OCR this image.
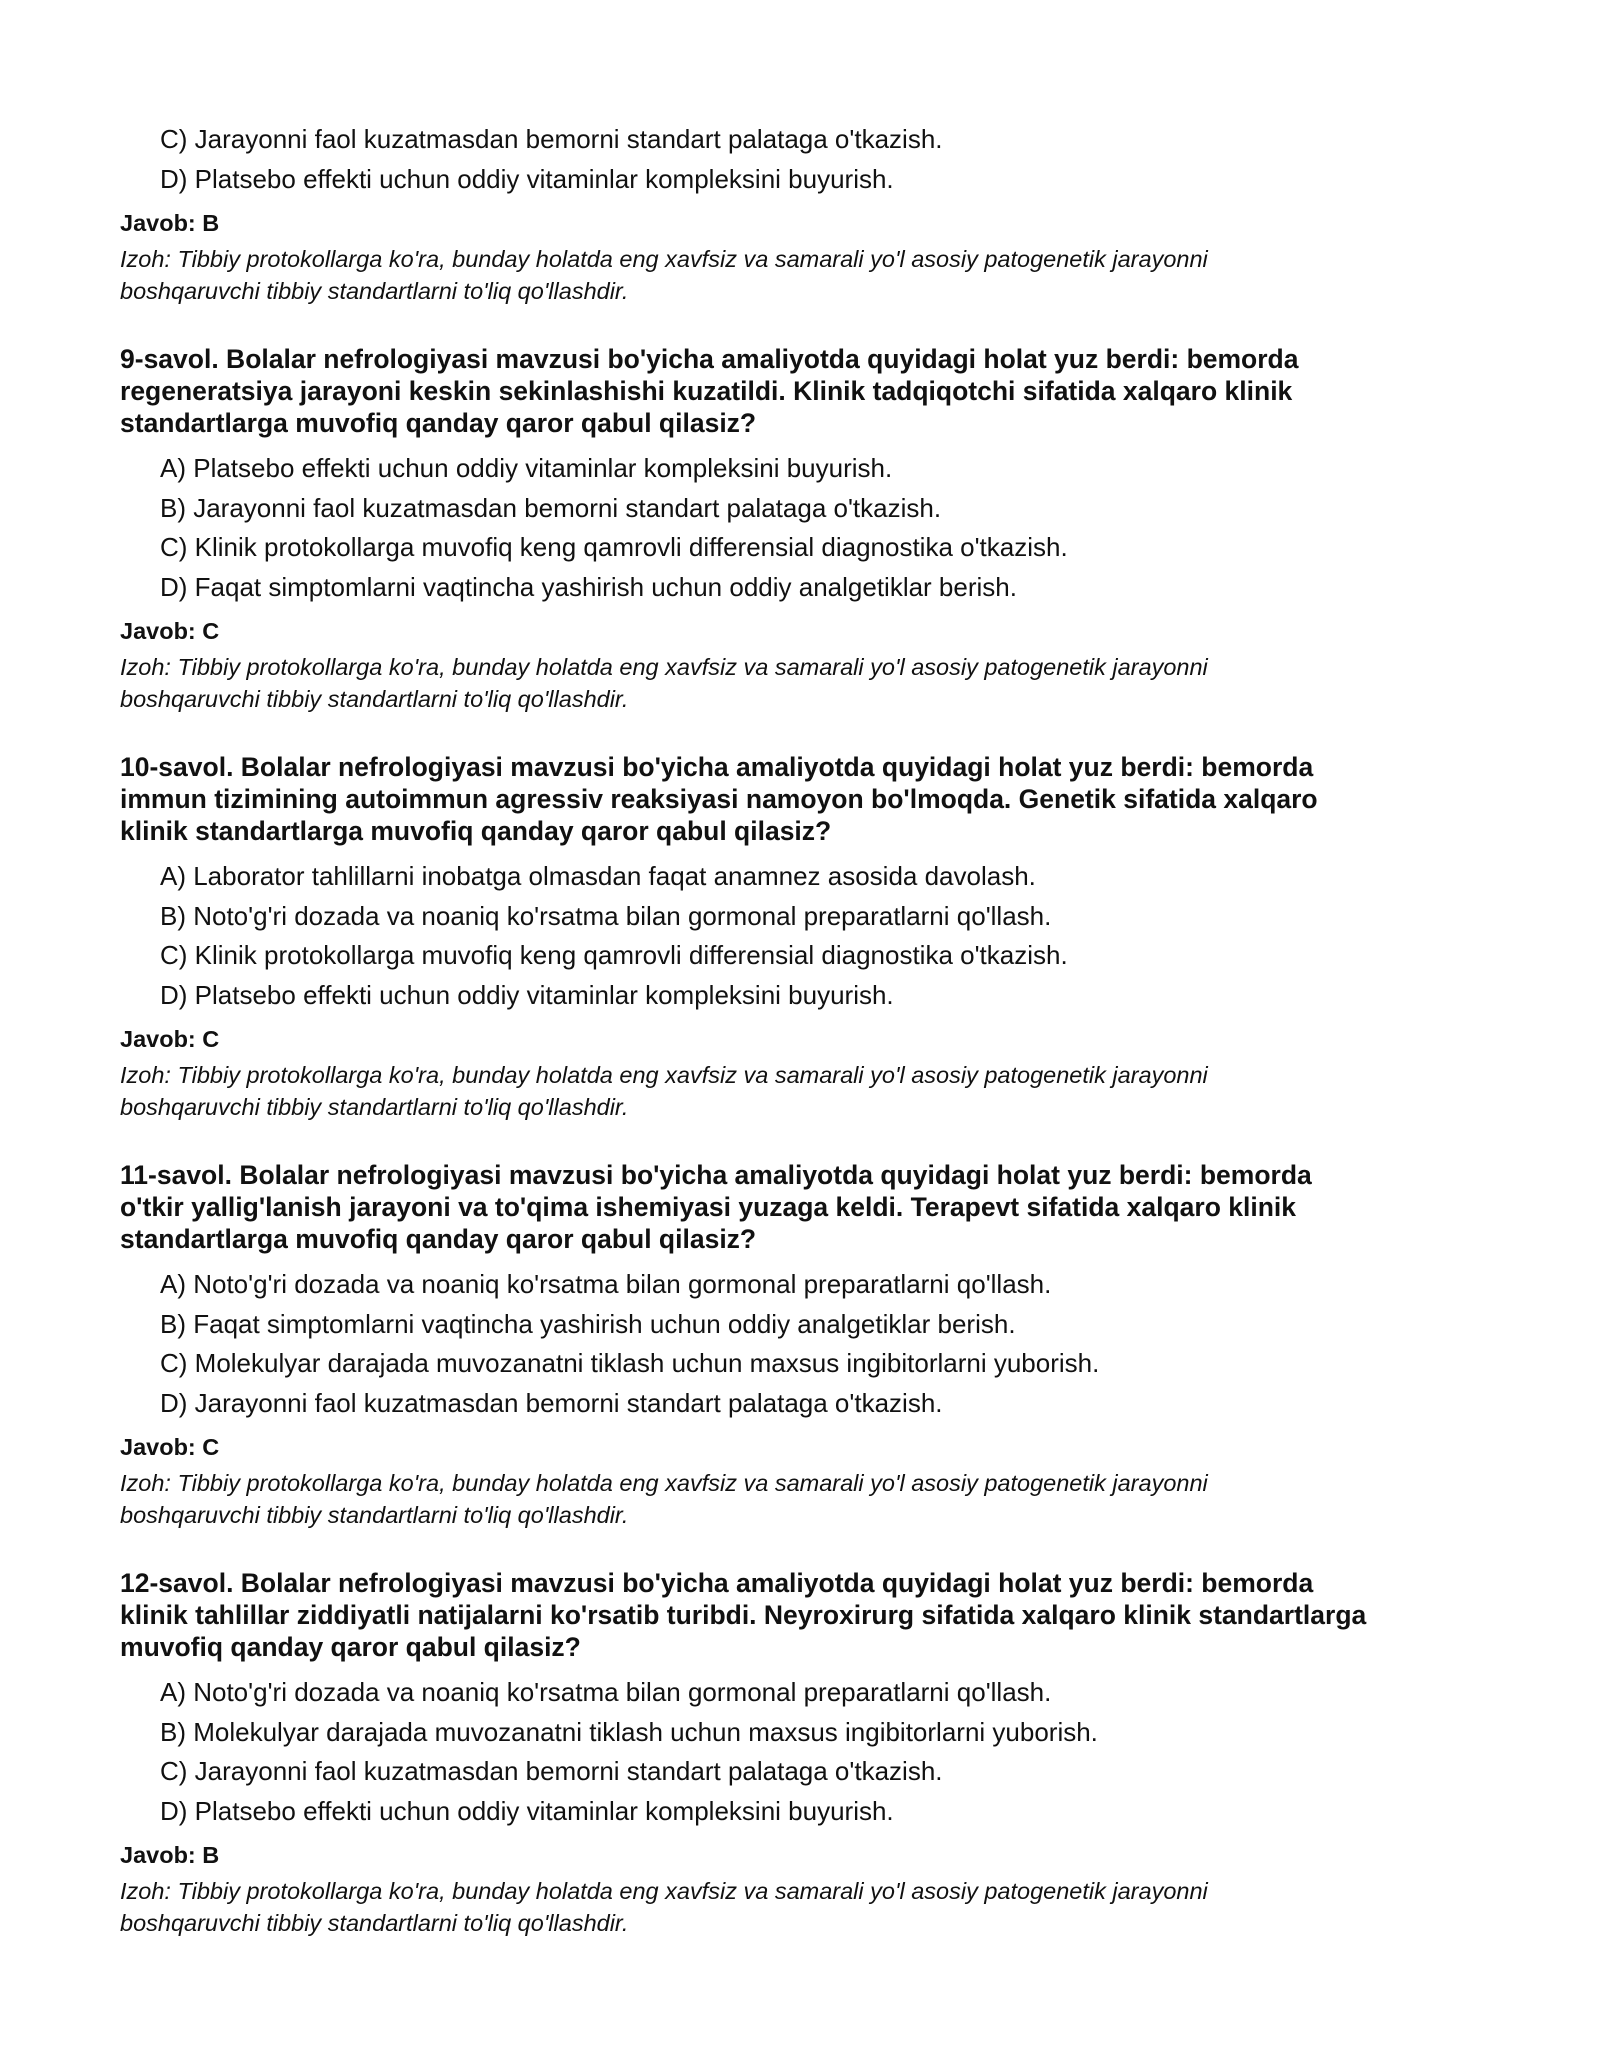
C) Jarayonni faol kuzatmasdan bemorni standart palataga o'tkazish.
D) Platsebo effekti uchun oddiy vitaminlar kompleksini buyurish.
Javob: B
Izoh: Tibbiy protokollarga ko'ra, bunday holatda eng xavfsiz va samarali yo'l asosiy patogenetik jarayonni
boshqaruvchi tibbiy standartlarni to'liq qo'llashdir.
9-savol. Bolalar nefrologiyasi mavzusi bo'yicha amaliyotda quyidagi holat yuz berdi: bemorda
regeneratsiya jarayoni keskin sekinlashishi kuzatildi. Klinik tadqiqotchi sifatida xalqaro klinik
standartlarga muvofiq qanday qaror qabul qilasiz?
A) Platsebo effekti uchun oddiy vitaminlar kompleksini buyurish.
B) Jarayonni faol kuzatmasdan bemorni standart palataga o'tkazish.
C) Klinik protokollarga muvofiq keng qamrovli differensial diagnostika o'tkazish.
D) Faqat simptomlarni vaqtincha yashirish uchun oddiy analgetiklar berish.
Javob: C
Izoh: Tibbiy protokollarga ko'ra, bunday holatda eng xavfsiz va samarali yo'l asosiy patogenetik jarayonni
boshqaruvchi tibbiy standartlarni to'liq qo'llashdir.
10-savol. Bolalar nefrologiyasi mavzusi bo'yicha amaliyotda quyidagi holat yuz berdi: bemorda
immun tizimining autoimmun agressiv reaksiyasi namoyon bo'lmoqda. Genetik sifatida xalqaro
klinik standartlarga muvofiq qanday qaror qabul qilasiz?
A) Laborator tahlillarni inobatga olmasdan faqat anamnez asosida davolash.
B) Noto'g'ri dozada va noaniq ko'rsatma bilan gormonal preparatlarni qo'llash.
C) Klinik protokollarga muvofiq keng qamrovli differensial diagnostika o'tkazish.
D) Platsebo effekti uchun oddiy vitaminlar kompleksini buyurish.
Javob: C
Izoh: Tibbiy protokollarga ko'ra, bunday holatda eng xavfsiz va samarali yo'l asosiy patogenetik jarayonni
boshqaruvchi tibbiy standartlarni to'liq qo'llashdir.
11-savol. Bolalar nefrologiyasi mavzusi bo'yicha amaliyotda quyidagi holat yuz berdi: bemorda
o'tkir yallig'lanish jarayoni va to'qima ishemiyasi yuzaga keldi. Terapevt sifatida xalqaro klinik
standartlarga muvofiq qanday qaror qabul qilasiz?
A) Noto'g'ri dozada va noaniq ko'rsatma bilan gormonal preparatlarni qo'llash.
B) Faqat simptomlarni vaqtincha yashirish uchun oddiy analgetiklar berish.
C) Molekulyar darajada muvozanatni tiklash uchun maxsus ingibitorlarni yuborish.
D) Jarayonni faol kuzatmasdan bemorni standart palataga o'tkazish.
Javob: C
Izoh: Tibbiy protokollarga ko'ra, bunday holatda eng xavfsiz va samarali yo'l asosiy patogenetik jarayonni
boshqaruvchi tibbiy standartlarni to'liq qo'llashdir.
12-savol. Bolalar nefrologiyasi mavzusi bo'yicha amaliyotda quyidagi holat yuz berdi: bemorda
klinik tahlillar ziddiyatli natijalarni ko'rsatib turibdi. Neyroxirurg sifatida xalqaro klinik standartlarga
muvofiq qanday qaror qabul qilasiz?
A) Noto'g'ri dozada va noaniq ko'rsatma bilan gormonal preparatlarni qo'llash.
B) Molekulyar darajada muvozanatni tiklash uchun maxsus ingibitorlarni yuborish.
C) Jarayonni faol kuzatmasdan bemorni standart palataga o'tkazish.
D) Platsebo effekti uchun oddiy vitaminlar kompleksini buyurish.
Javob: B
Izoh: Tibbiy protokollarga ko'ra, bunday holatda eng xavfsiz va samarali yo'l asosiy patogenetik jarayonni
boshqaruvchi tibbiy standartlarni to'liq qo'llashdir.
